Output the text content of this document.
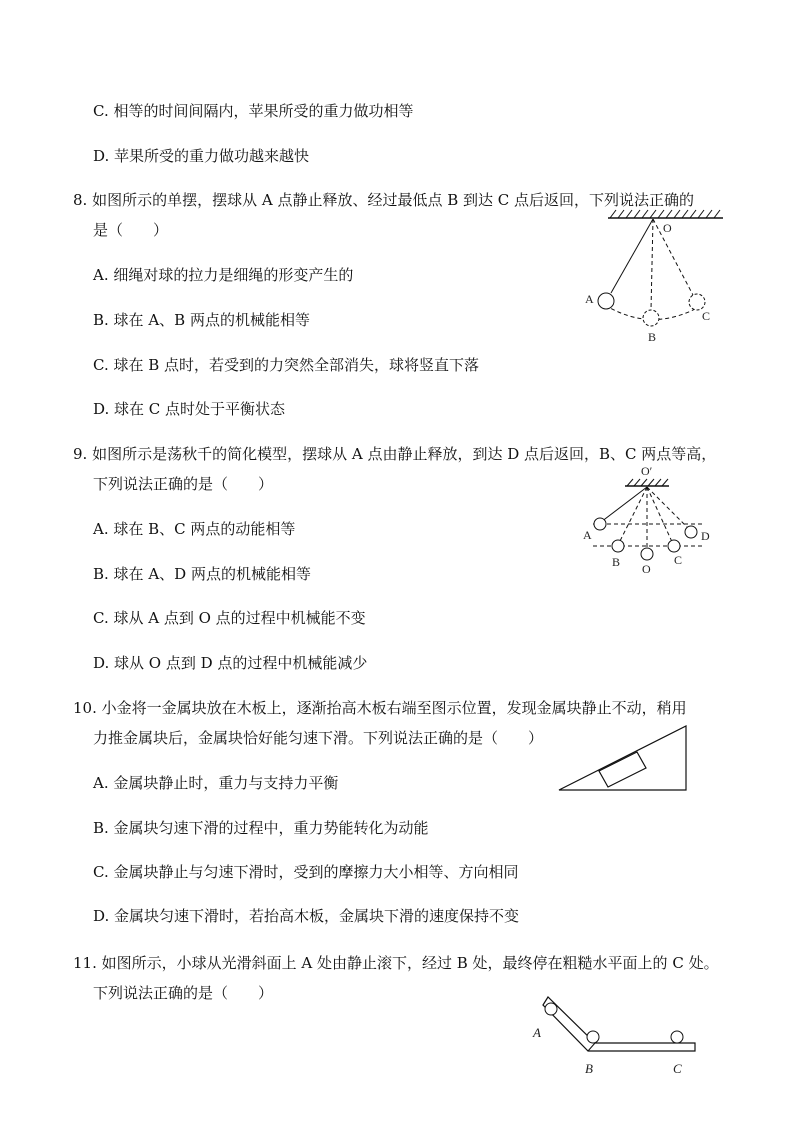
C. 相等的时间间隔内，苹果所受的重力做功相等
D. 苹果所受的重力做功越来越快
8. 如图所示的单摆，摆球从 A 点静止释放、经过最低点 B 到达 C 点后返回，下列说法正确的
是（　　）
A. 细绳对球的拉力是细绳的形变产生的
B. 球在 A、B 两点的机械能相等
C. 球在 B 点时，若受到的力突然全部消失，球将竖直下落
D. 球在 C 点时处于平衡状态
O
A
B
C
9. 如图所示是荡秋千的简化模型，摆球从 A 点由静止释放，到达 D 点后返回，B、C 两点等高，
下列说法正确的是（　　）
A. 球在 B、C 两点的动能相等
B. 球在 A、D 两点的机械能相等
C. 球从 A 点到 O 点的过程中机械能不变
D. 球从 O 点到 D 点的过程中机械能减少
O′
A
B O
C
D
10. 小金将一金属块放在木板上，逐渐抬高木板右端至图示位置，发现金属块静止不动，稍用
力推金属块后，金属块恰好能匀速下滑。下列说法正确的是（　　）
A. 金属块静止时，重力与支持力平衡
B. 金属块匀速下滑的过程中，重力势能转化为动能
C. 金属块静止与匀速下滑时，受到的摩擦力大小相等、方向相同
D. 金属块匀速下滑时，若抬高木板，金属块下滑的速度保持不变
11. 如图所示，小球从光滑斜面上 A 处由静止滚下，经过 B 处，最终停在粗糙水平面上的 C 处。
下列说法正确的是（　　）
A
B	C
